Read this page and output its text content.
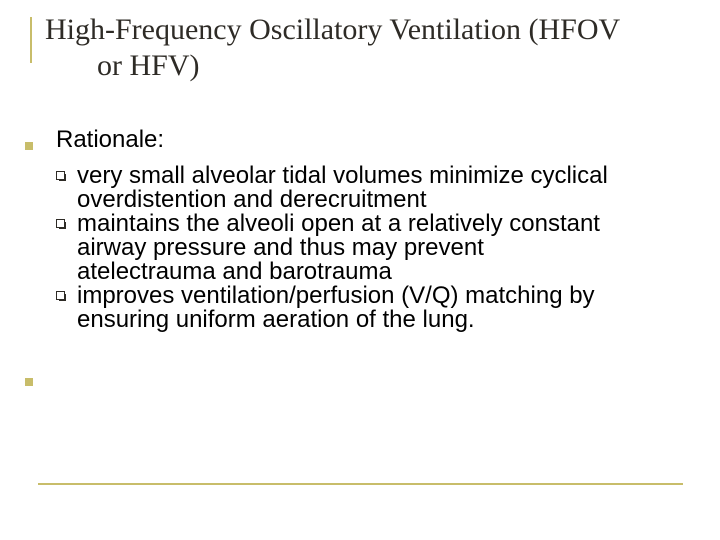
High-Frequency Oscillatory Ventilation (HFOV
or HFV)
Rationale:
very small alveolar tidal volumes minimize cyclical
overdistention and derecruitment
maintains the alveoli open at a relatively constant
airway pressure and thus may prevent
atelectrauma and barotrauma
improves ventilation/perfusion (V/Q) matching by
ensuring uniform aeration of the lung.
